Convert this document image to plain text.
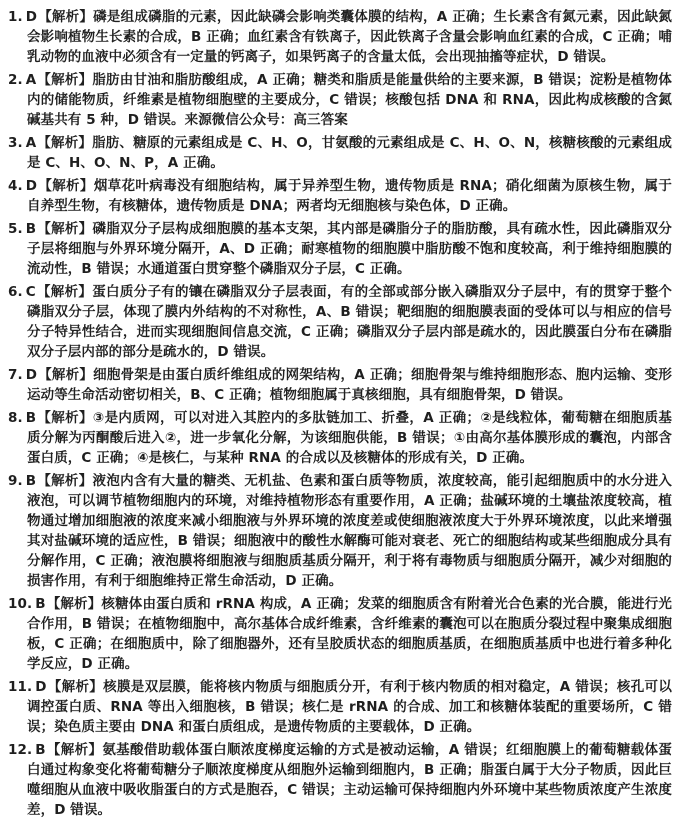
1. D【解析】磷是组成磷脂的元素，因此缺磷会影响类囊体膜的结构，A 正确；生长素含有氮元素，因此缺氮会影响植物生长素的合成，B 正确；血红素含有铁离子，因此铁离子含量会影响血红素的合成，C 正确；哺乳动物的血液中必须含有一定量的钙离子，如果钙离子的含量太低，会出现抽搐等症状，D 错误。

2. A【解析】脂肪由甘油和脂肪酸组成，A 正确；糖类和脂质是能量供给的主要来源，B 错误；淀粉是植物体内的储能物质，纤维素是植物细胞壁的主要成分，C 错误；核酸包括 DNA 和 RNA，因此构成核酸的含氮碱基共有 5 种，D 错误。来源微信公众号：高三答案

3. A【解析】脂肪、糖原的元素组成是 C、H、O，甘氨酸的元素组成是 C、H、O、N，核糖核酸的元素组成是 C、H、O、N、P，A 正确。

4. D【解析】烟草花叶病毒没有细胞结构，属于异养型生物，遗传物质是 RNA；硝化细菌为原核生物，属于自养型生物，有核糖体，遗传物质是 DNA；两者均无细胞核与染色体，D 正确。

5. B【解析】磷脂双分子层构成细胞膜的基本支架，其内部是磷脂分子的脂肪酸，具有疏水性，因此磷脂双分子层将细胞与外界环境分隔开，A、D 正确；耐寒植物的细胞膜中脂肪酸不饱和度较高，利于维持细胞膜的流动性，B 错误；水通道蛋白贯穿整个磷脂双分子层，C 正确。

6. C【解析】蛋白质分子有的镶在磷脂双分子层表面，有的全部或部分嵌入磷脂双分子层中，有的贯穿于整个磷脂双分子层，体现了膜内外结构的不对称性，A、B 错误；靶细胞的细胞膜表面的受体可以与相应的信号分子特异性结合，进而实现细胞间信息交流，C 正确；磷脂双分子层内部是疏水的，因此膜蛋白分布在磷脂双分子层内部的部分是疏水的，D 错误。

7. D【解析】细胞骨架是由蛋白质纤维组成的网架结构，A 正确；细胞骨架与维持细胞形态、胞内运输、变形运动等生命活动密切相关，B、C 正确；植物细胞属于真核细胞，具有细胞骨架，D 错误。

8. B【解析】③是内质网，可以对进入其腔内的多肽链加工、折叠，A 正确；②是线粒体，葡萄糖在细胞质基质分解为丙酮酸后进入②，进一步氧化分解，为该细胞供能，B 错误；①由高尔基体膜形成的囊泡，内部含蛋白质，C 正确；④是核仁，与某种 RNA 的合成以及核糖体的形成有关，D 正确。

9. B【解析】液泡内含有大量的糖类、无机盐、色素和蛋白质等物质，浓度较高，能引起细胞质中的水分进入液泡，可以调节植物细胞内的环境，对维持植物形态有重要作用，A 正确；盐碱环境的土壤盐浓度较高，植物通过增加细胞液的浓度来减小细胞液与外界环境的浓度差或使细胞液浓度大于外界环境浓度，以此来增强其对盐碱环境的适应性，B 错误；细胞液中的酸性水解酶可能对衰老、死亡的细胞结构或某些细胞成分具有分解作用，C 正确；液泡膜将细胞液与细胞质基质分隔开，利于将有毒物质与细胞质分隔开，减少对细胞的损害作用，有利于细胞维持正常生命活动，D 正确。

10. B【解析】核糖体由蛋白质和 rRNA 构成，A 正确；发菜的细胞质含有附着光合色素的光合膜，能进行光合作用，B 错误；在植物细胞中，高尔基体合成纤维素，含纤维素的囊泡可以在胞质分裂过程中聚集成细胞板，C 正确；在细胞质中，除了细胞器外，还有呈胶质状态的细胞质基质，在细胞质基质中也进行着多种化学反应，D 正确。

11. D【解析】核膜是双层膜，能将核内物质与细胞质分开，有利于核内物质的相对稳定，A 错误；核孔可以调控蛋白质、RNA 等出入细胞核，B 错误；核仁是 rRNA 的合成、加工和核糖体装配的重要场所，C 错误；染色质主要由 DNA 和蛋白质组成，是遗传物质的主要载体，D 正确。

12. B【解析】氨基酸借助载体蛋白顺浓度梯度运输的方式是被动运输，A 错误；红细胞膜上的葡萄糖载体蛋白通过构象变化将葡萄糖分子顺浓度梯度从细胞外运输到细胞内，B 正确；脂蛋白属于大分子物质，因此巨噬细胞从血液中吸收脂蛋白的方式是胞吞，C 错误；主动运输可保持细胞内外环境中某些物质浓度产生浓度差，D 错误。
